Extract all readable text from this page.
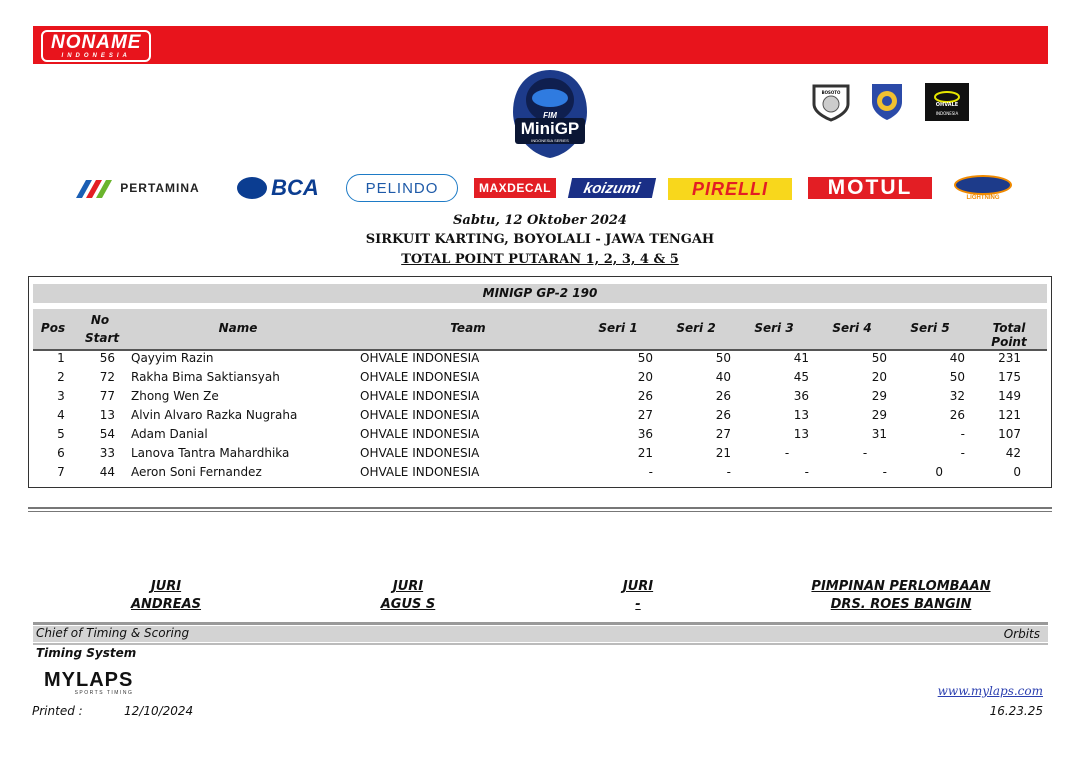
NONAME
INDONESIA
FIM
MiniGP
INDONESIA SERIES
BOSOTO
OHVALE
INDONESIA
PERTAMINA	BCA	PELINDO	MAXDECAL koizumi	PIRELLI	MOTUL	LIGHTNING
Sabtu, 12 Oktober 2024
SIRKUIT KARTING, BOYOLALI - JAWA TENGAH
TOTAL POINT PUTARAN 1, 2, 3, 4 & 5
MINIGP GP-2 190
Pos
No
Start
Name	Team	Seri 1	Seri 2	Seri 3	Seri 4	Seri 5	Total Point
1	56 Qayyim Razin	OHVALE INDONESIA	50	50	41	50	40	231
2	72 Rakha Bima Saktiansyah	OHVALE INDONESIA	20	40	45	20	50	175
3	77 Zhong Wen Ze	OHVALE INDONESIA	26	26	36	29	32	149
4	13 Alvin Alvaro Razka Nugraha	OHVALE INDONESIA	27	26	13	29	26	121
5	54 Adam Danial	OHVALE INDONESIA	36	27	13	31	-	107
6	33 Lanova Tantra Mahardhika	OHVALE INDONESIA	21	21	-	-	-	42
7	44 Aeron Soni Fernandez	OHVALE INDONESIA	-	-	-	-	0	0
JURI
ANDREAS
JURI
AGUS S
JURI
-
PIMPINAN PERLOMBAAN
DRS. ROES BANGIN
Chief of Timing & Scoring	Orbits
Timing System
MYLAPS
SPORTS TIMING	www.mylaps.com
Printed :	12/10/2024	16.23.25
